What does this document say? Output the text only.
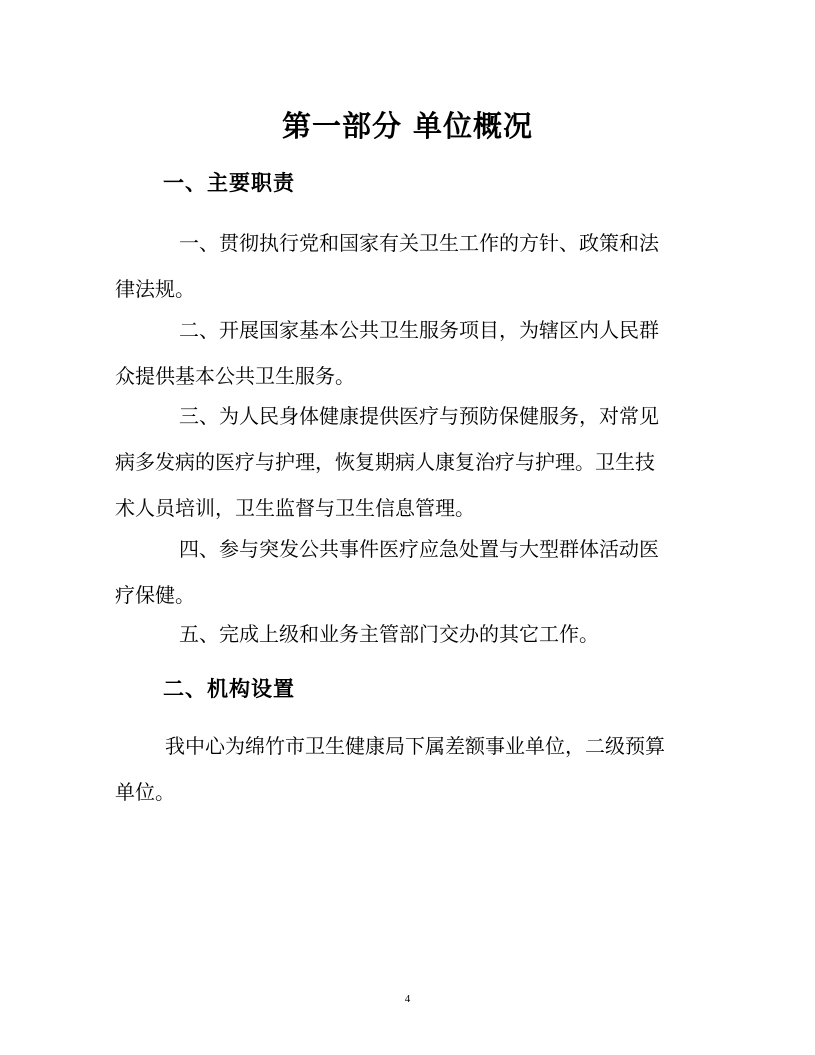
第一部分 单位概况
一、主要职责
一、贯彻执行党和国家有关卫生工作的方针、政策和法
律法规。
二、开展国家基本公共卫生服务项目，为辖区内人民群
众提供基本公共卫生服务。
三、为人民身体健康提供医疗与预防保健服务，对常见
病多发病的医疗与护理，恢复期病人康复治疗与护理。卫生技
术人员培训，卫生监督与卫生信息管理。
四、参与突发公共事件医疗应急处置与大型群体活动医
疗保健。
五、完成上级和业务主管部门交办的其它工作。
二、机构设置
我中心为绵竹市卫生健康局下属差额事业单位，二级预算
单位。
4
